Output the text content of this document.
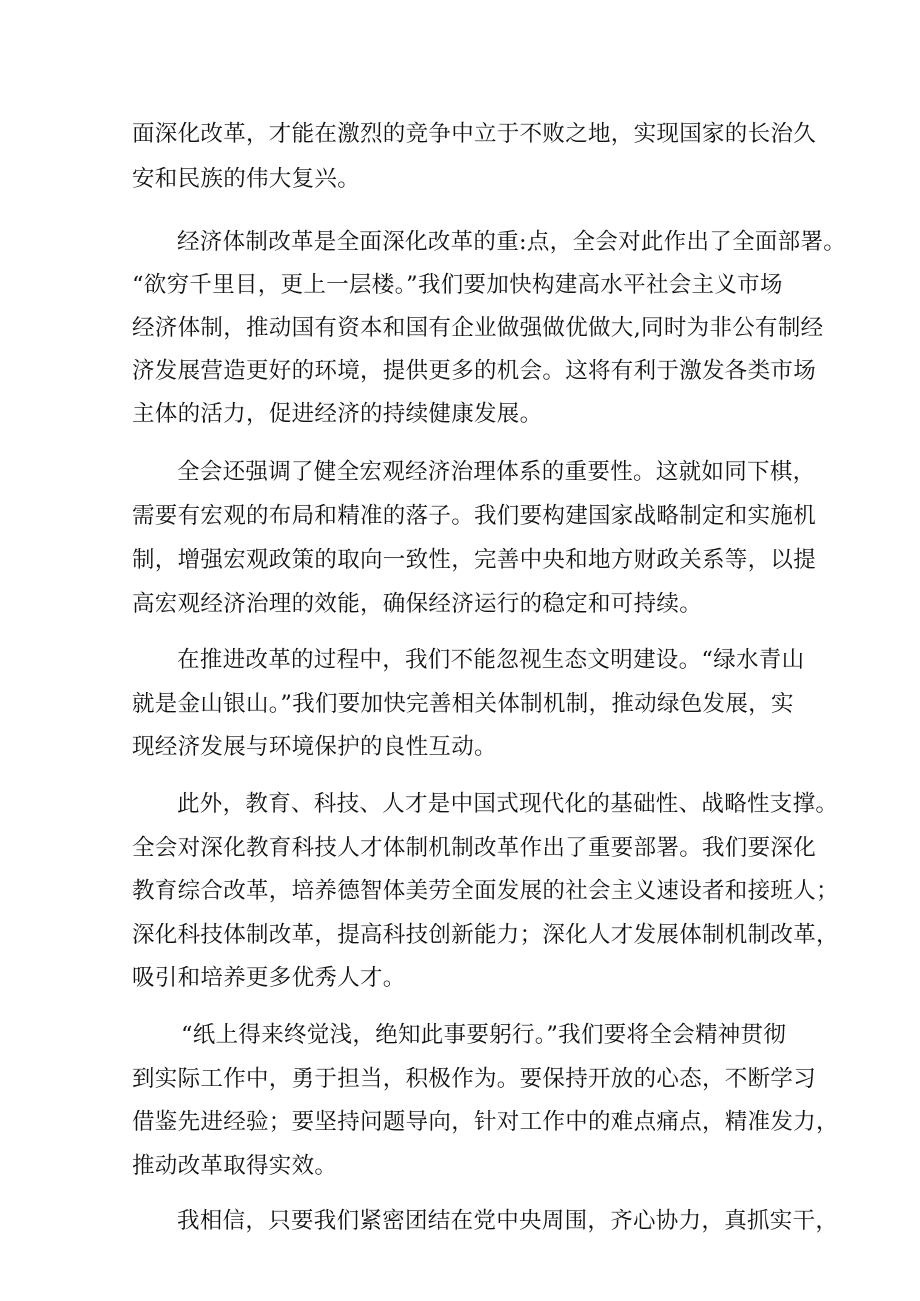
面深化改革，才能在激烈的竞争中立于不败之地，实现国家的长治久
安和民族的伟大复兴。
经济体制改革是全面深化改革的重:点，全会对此作出了全面部署。
“欲穷千里目，更上一层楼。”我们要加快构建高水平社会主义市场
经济体制，推动国有资本和国有企业做强做优做大,同时为非公有制经
济发展营造更好的环境，提供更多的机会。这将有利于激发各类市场
主体的活力，促进经济的持续健康发展。
全会还强调了健全宏观经济治理体系的重要性。这就如同下棋，
需要有宏观的布局和精准的落子。我们要构建国家战略制定和实施机
制，增强宏观政策的取向一致性，完善中央和地方财政关系等，以提
高宏观经济治理的效能，确保经济运行的稳定和可持续。
在推进改革的过程中，我们不能忽视生态文明建设。“绿水青山
就是金山银山。”我们要加快完善相关体制机制，推动绿色发展，实
现经济发展与环境保护的良性互动。
此外，教育、科技、人才是中国式现代化的基础性、战略性支撑。
全会对深化教育科技人才体制机制改革作出了重要部署。我们要深化
教育综合改革，培养德智体美劳全面发展的社会主义速设者和接班人；
深化科技体制改革，提高科技创新能力；深化人才发展体制机制改革，
吸引和培养更多优秀人才。
“纸上得来终觉浅，绝知此事要躬行。”我们要将全会精神贯彻
到实际工作中，勇于担当，积极作为。要保持开放的心态，不断学习
借鉴先进经验；要坚持问题导向，针对工作中的难点痛点，精准发力，
推动改革取得实效。
我相信，只要我们紧密团结在党中央周围，齐心协力，真抓实干，
